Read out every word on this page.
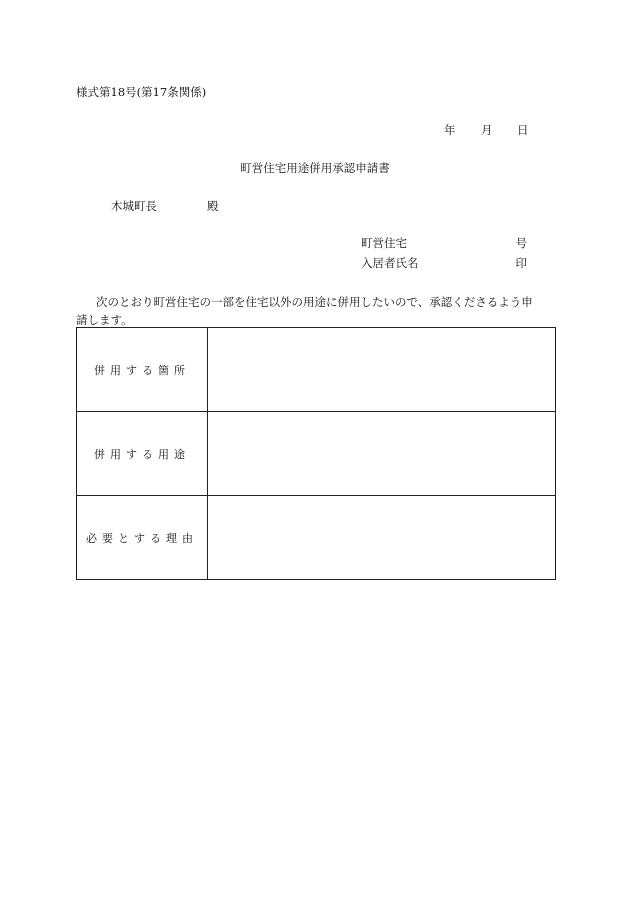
様式第18号(第17条関係)
年 月 日
町営住宅用途併用承認申請書
木城町長	殿
町営住宅	号
入居者氏名	印
次のとおり町営住宅の一部を住宅以外の用途に併用したいので、承認くださるよう申
請します。
併用する箇所	
併用する用途	
必要とする理由	
